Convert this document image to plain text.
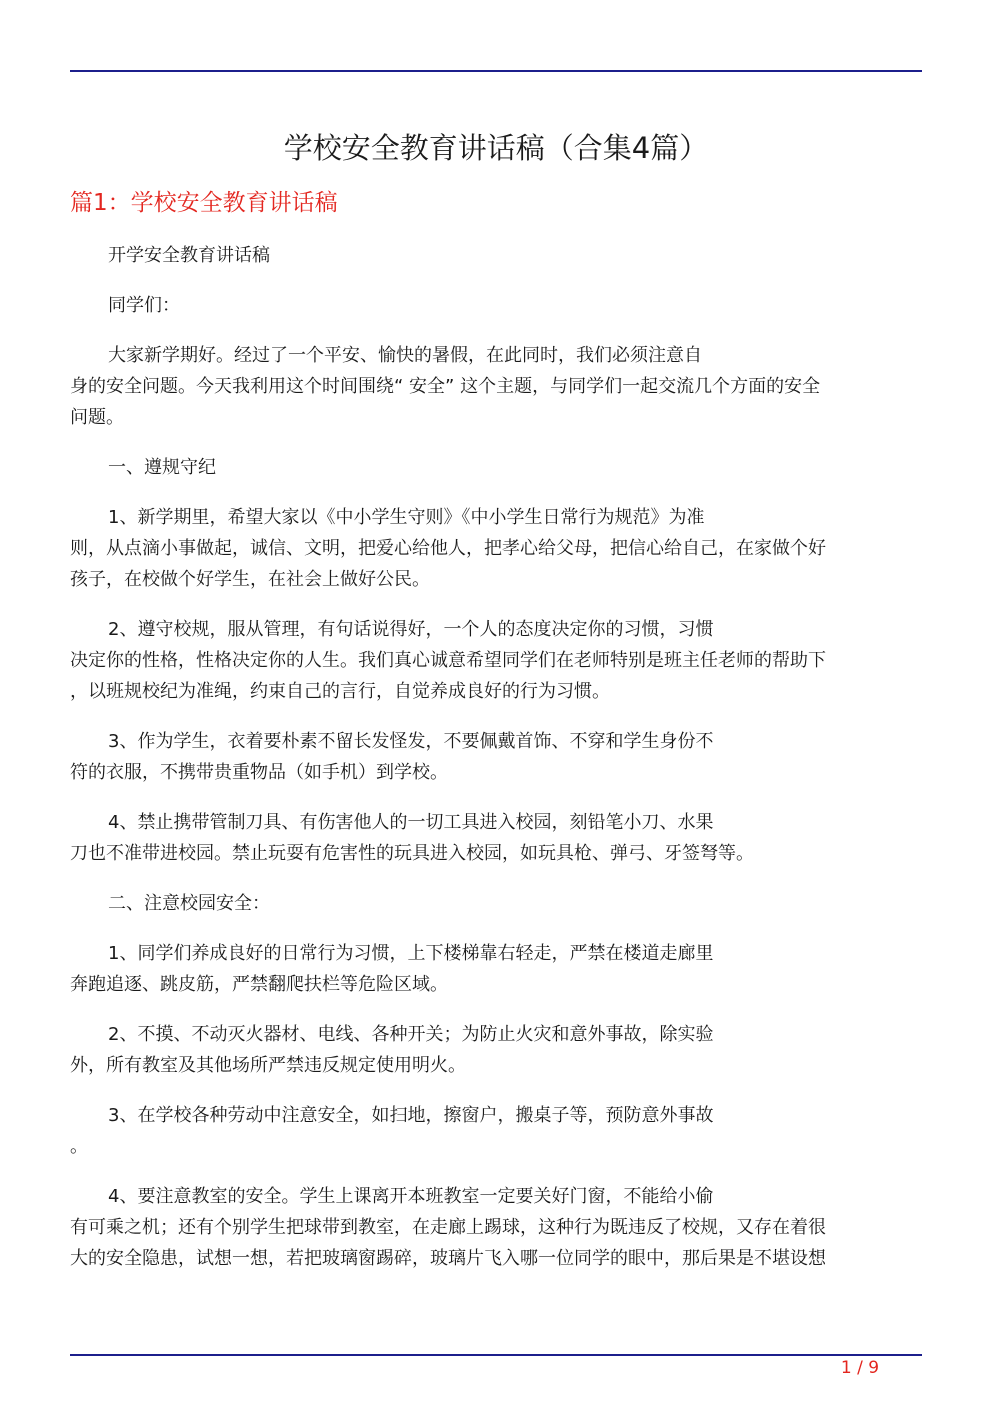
学校安全教育讲话稿（合集4篇）
篇1：学校安全教育讲话稿
开学安全教育讲话稿
同学们：
大家新学期好。经过了一个平安、愉快的暑假，在此同时，我们必须注意自
身的安全问题。今天我利用这个时间围绕“ 安全” 这个主题，与同学们一起交流几个方面的安全
问题。
一、遵规守纪
1、新学期里，希望大家以《中小学生守则》《中小学生日常行为规范》为准
则，从点滴小事做起，诚信、文明，把爱心给他人，把孝心给父母，把信心给自己，在家做个好
孩子，在校做个好学生，在社会上做好公民。
2、遵守校规，服从管理，有句话说得好，一个人的态度决定你的习惯，习惯
决定你的性格，性格决定你的人生。我们真心诚意希望同学们在老师特别是班主任老师的帮助下
，以班规校纪为准绳，约束自己的言行，自觉养成良好的行为习惯。
3、作为学生，衣着要朴素不留长发怪发，不要佩戴首饰、不穿和学生身份不
符的衣服，不携带贵重物品（如手机）到学校。
4、禁止携带管制刀具、有伤害他人的一切工具进入校园，刻铅笔小刀、水果
刀也不准带进校园。禁止玩耍有危害性的玩具进入校园，如玩具枪、弹弓、牙签弩等。
二、注意校园安全：
1、同学们养成良好的日常行为习惯，上下楼梯靠右轻走，严禁在楼道走廊里
奔跑追逐、跳皮筋，严禁翻爬扶栏等危险区域。
2、不摸、不动灭火器材、电线、各种开关；为防止火灾和意外事故，除实验
外，所有教室及其他场所严禁违反规定使用明火。
3、在学校各种劳动中注意安全，如扫地，擦窗户，搬桌子等，预防意外事故
。
4、要注意教室的安全。学生上课离开本班教室一定要关好门窗，不能给小偷
有可乘之机；还有个别学生把球带到教室，在走廊上踢球，这种行为既违反了校规，又存在着很
大的安全隐患，试想一想，若把玻璃窗踢碎，玻璃片飞入哪一位同学的眼中，那后果是不堪设想
1 / 9
